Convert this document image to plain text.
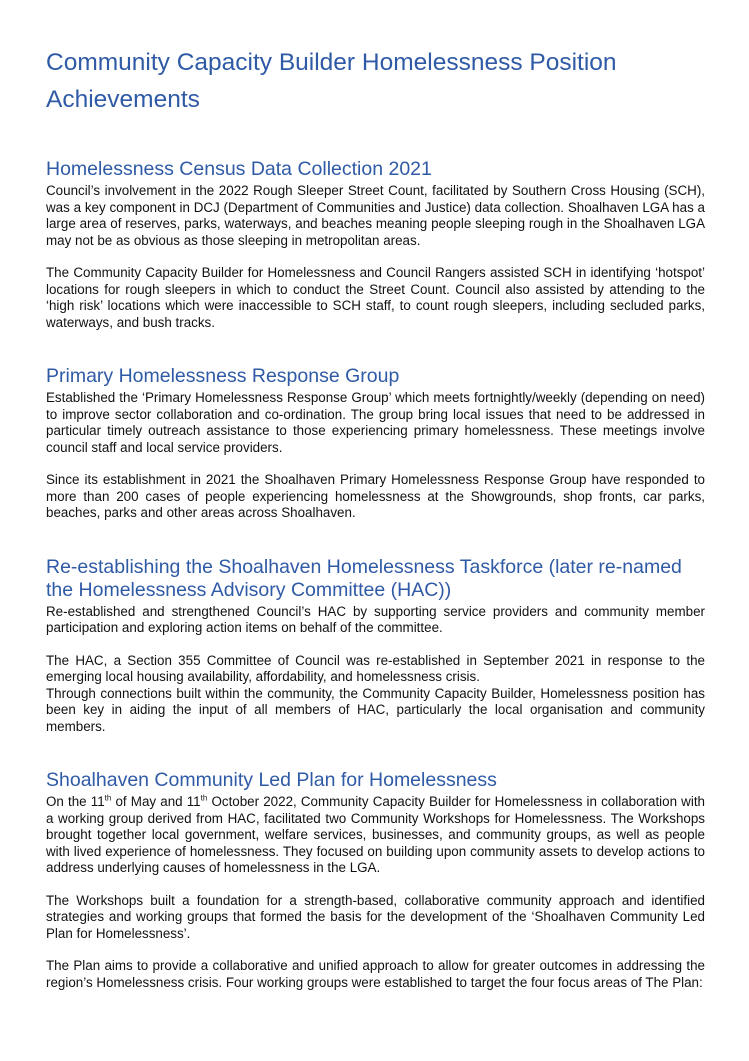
Community Capacity Builder Homelessness Position Achievements
Homelessness Census Data Collection 2021

Council’s involvement in the 2022 Rough Sleeper Street Count, facilitated by Southern Cross Housing (SCH), was a key component in DCJ (Department of Communities and Justice) data collection. Shoalhaven LGA has a large area of reserves, parks, waterways, and beaches meaning people sleeping rough in the Shoalhaven LGA may not be as obvious as those sleeping in metropolitan areas.

The Community Capacity Builder for Homelessness and Council Rangers assisted SCH in identifying ‘hotspot’ locations for rough sleepers in which to conduct the Street Count. Council also assisted by attending to the ‘high risk’ locations which were inaccessible to SCH staff, to count rough sleepers, including secluded parks, waterways, and bush tracks.

Primary Homelessness Response Group

Established the ‘Primary Homelessness Response Group’ which meets fortnightly/weekly (depending on need) to improve sector collaboration and co-ordination. The group bring local issues that need to be addressed in particular timely outreach assistance to those experiencing primary homelessness. These meetings involve council staff and local service providers.

Since its establishment in 2021 the Shoalhaven Primary Homelessness Response Group have responded to more than 200 cases of people experiencing homelessness at the Showgrounds, shop fronts, car parks, beaches, parks and other areas across Shoalhaven.

Re-establishing the Shoalhaven Homelessness Taskforce (later re-named the Homelessness Advisory Committee (HAC))

Re-established and strengthened Council’s HAC by supporting service providers and community member participation and exploring action items on behalf of the committee.

The HAC, a Section 355 Committee of Council was re-established in September 2021 in response to the emerging local housing availability, affordability, and homelessness crisis.

Through connections built within the community, the Community Capacity Builder, Homelessness position has been key in aiding the input of all members of HAC, particularly the local organisation and community members.

Shoalhaven Community Led Plan for Homelessness

On the 11th of May and 11th October 2022, Community Capacity Builder for Homelessness in collaboration with a working group derived from HAC, facilitated two Community Workshops for Homelessness. The Workshops brought together local government, welfare services, businesses, and community groups, as well as people with lived experience of homelessness. They focused on building upon community assets to develop actions to address underlying causes of homelessness in the LGA.

The Workshops built a foundation for a strength-based, collaborative community approach and identified strategies and working groups that formed the basis for the development of the ‘Shoalhaven Community Led Plan for Homelessness’.

The Plan aims to provide a collaborative and unified approach to allow for greater outcomes in addressing the region’s Homelessness crisis. Four working groups were established to target the four focus areas of The Plan:
